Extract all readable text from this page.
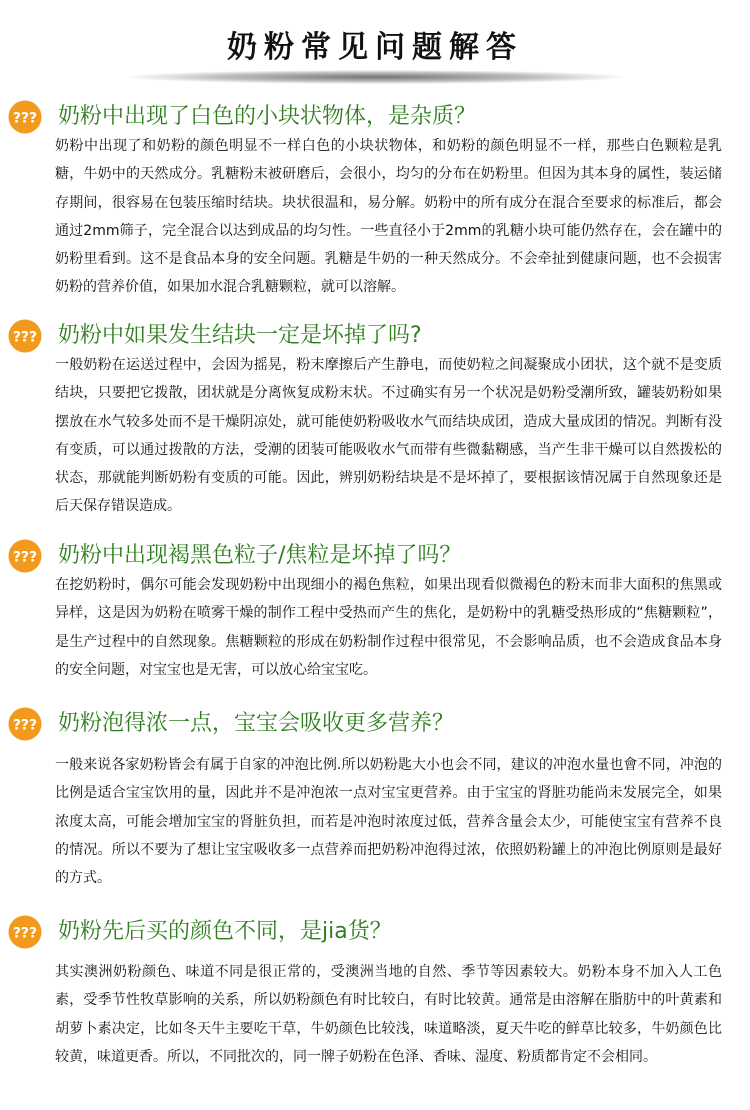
奶粉常见问题解答
??? 奶粉中出现了白色的小块状物体，是杂质？
奶粉中出现了和奶粉的颜色明显不一样白色的小块状物体，和奶粉的颜色明显不一样，那些白色颗粒是乳糖，牛奶中的天然成分。乳糖粉末被研磨后，会很小，均匀的分布在奶粉里。但因为其本身的属性，装运储存期间，很容易在包装压缩时结块。块状很温和，易分解。奶粉中的所有成分在混合至要求的标准后，都会通过2mm筛子，完全混合以达到成品的均匀性。一些直径小于2mm的乳糖小块可能仍然存在，会在罐中的奶粉里看到。这不是食品本身的安全问题。乳糖是牛奶的一种天然成分。不会牵扯到健康问题，也不会损害奶粉的营养价值，如果加水混合乳糖颗粒，就可以溶解。
??? 奶粉中如果发生结块一定是坏掉了吗?
一般奶粉在运送过程中，会因为摇晃，粉末摩擦后产生静电，而使奶粒之间凝聚成小团状，这个就不是变质结块，只要把它拨散，团状就是分离恢复成粉末状。不过确实有另一个状况是奶粉受潮所致，罐装奶粉如果摆放在水气较多处而不是干燥阴凉处，就可能使奶粉吸收水气而结块成团，造成大量成团的情况。判断有没有变质，可以通过拨散的方法，受潮的团装可能吸收水气而带有些微黏糊感，当产生非干燥可以自然拨松的状态，那就能判断奶粉有变质的可能。因此，辨别奶粉结块是不是坏掉了，要根据该情况属于自然现象还是后天保存错误造成。
??? 奶粉中出现褐黑色粒子/焦粒是坏掉了吗？
在挖奶粉时，偶尔可能会发现奶粉中出现细小的褐色焦粒，如果出现看似微褐色的粉末而非大面积的焦黑或异样，这是因为奶粉在喷雾干燥的制作工程中受热而产生的焦化，是奶粉中的乳糖受热形成的“焦糖颗粒”，是生产过程中的自然现象。焦糖颗粒的形成在奶粉制作过程中很常见，不会影响品质，也不会造成食品本身的安全问题，对宝宝也是无害，可以放心给宝宝吃。
??? 奶粉泡得浓一点，宝宝会吸收更多营养？
一般来说各家奶粉皆会有属于自家的冲泡比例.所以奶粉匙大小也会不同，建议的冲泡水量也會不同，冲泡的比例是适合宝宝饮用的量，因此并不是冲泡浓一点对宝宝更营养。由于宝宝的肾脏功能尚未发展完全，如果浓度太高，可能会增加宝宝的肾脏负担，而若是冲泡时浓度过低，营养含量会太少，可能使宝宝有营养不良的情况。所以不要为了想让宝宝吸收多一点营养而把奶粉冲泡得过浓，依照奶粉罐上的冲泡比例原则是最好的方式。
??? 奶粉先后买的颜色不同，是jia货？
其实澳洲奶粉颜色、味道不同是很正常的，受澳洲当地的自然、季节等因素较大。奶粉本身不加入人工色素，受季节性牧草影响的关系，所以奶粉颜色有时比较白，有时比较黄。通常是由溶解在脂肪中的叶黄素和胡萝卜素决定，比如冬天牛主要吃干草，牛奶颜色比较浅，味道略淡，夏天牛吃的鲜草比较多，牛奶颜色比较黄，味道更香。所以，不同批次的，同一牌子奶粉在色泽、香味、湿度、粉质都肯定不会相同。
